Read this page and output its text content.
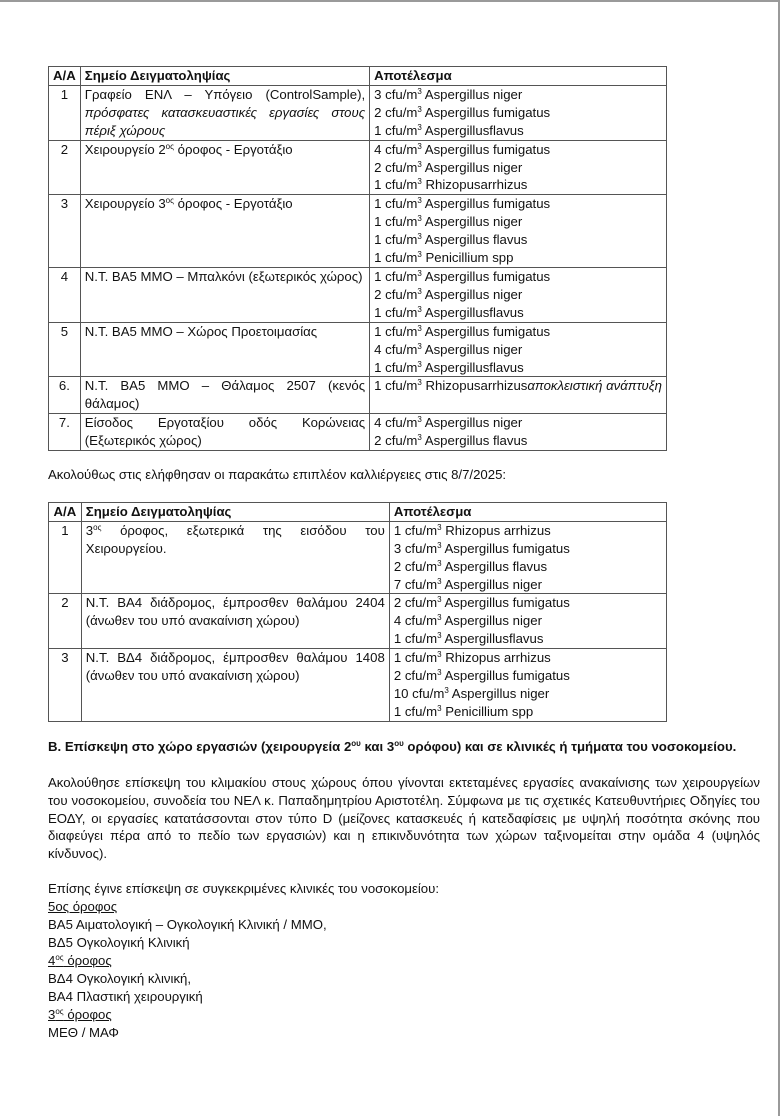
Α/Α	Σημείο Δειγματοληψίας	Αποτέλεσμα
1	Γραφείο ΕΝΛ – Υπόγειο (ControlSample), πρόσφατες κατασκευαστικές εργασίες στους πέριξ χώρους	3 cfu/$m^3$ Aspergillus niger
2 cfu/$m^3$ Aspergillus fumigatus
1 cfu/$m^3$ Aspergillusflavus

2	Χειρουργείο $2^{o\varsigma}$ όροφος - Εργοτάξιο	4 cfu/$m^3$ Aspergillus fumigatus
2 cfu/$m^3$ Aspergillus niger
1 cfu/$m^3$ Rhizopusarrhizus

3	Χειρουργείο $3^{o\varsigma}$ όροφος - Εργοτάξιο	1 cfu/$m^3$ Aspergillus fumigatus
1 cfu/$m^3$ Aspergillus niger
1 cfu/$m^3$ Aspergillus flavus
1 cfu/$m^3$ Penicillium spp

4	Ν.Τ. ΒΑ5 ΜΜΟ – Μπαλκόνι (εξωτερικός χώρος)	1 cfu/$m^3$ Aspergillus fumigatus
2 cfu/$m^3$ Aspergillus niger
1 cfu/$m^3$ Aspergillusflavus

5	Ν.Τ. ΒΑ5 ΜΜΟ – Χώρος Προετοιμασίας	1 cfu/$m^3$ Aspergillus fumigatus
4 cfu/$m^3$ Aspergillus niger
1 cfu/$m^3$ Aspergillusflavus

6.	Ν.Τ. ΒΑ5 ΜΜΟ – Θάλαμος 2507 (κενός θάλαμος)	1 cfu/$m^3$ Rhizopusarrhizusαποκλειστική ανάπτυξη

7.	Είσοδος Εργοταξίου οδός Κορώνειας (Εξωτερικός χώρος)	4 cfu/$m^3$ Aspergillus niger
2 cfu/$m^3$ Aspergillus flavus

Ακολούθως στις ελήφθησαν οι παρακάτω επιπλέον καλλιέργειες στις 8/7/2025:

Α/Α	Σημείο Δειγματοληψίας	Αποτέλεσμα
1	$3^{o\varsigma}$ όροφος, εξωτερικά της εισόδου του Χειρουργείου.	1 cfu/$m^3$ Rhizopus arrhizus
3 cfu/$m^3$ Aspergillus fumigatus
2 cfu/$m^3$ Aspergillus flavus
7 cfu/$m^3$ Aspergillus niger

2	Ν.Τ. ΒΑ4 διάδρομος, έμπροσθεν θαλάμου 2404 (άνωθεν του υπό ανακαίνιση χώρου)	2 cfu/$m^3$ Aspergillus fumigatus
4 cfu/$m^3$ Aspergillus niger
1 cfu/$m^3$ Aspergillusflavus

3	Ν.Τ. ΒΔ4 διάδρομος, έμπροσθεν θαλάμου 1408 (άνωθεν του υπό ανακαίνιση χώρου)	1 cfu/$m^3$ Rhizopus arrhizus
2 cfu/$m^3$ Aspergillus fumigatus
10 cfu/$m^3$ Aspergillus niger
1 cfu/$m^3$ Penicillium spp

Β. Επίσκεψη στο χώρο εργασιών (χειρουργεία $2^{o\upsilon}$ και $3^{o\upsilon}$ ορόφου) και σε κλινικές ή τμήματα του νοσοκομείου.

Ακολούθησε επίσκεψη του κλιμακίου στους χώρους όπου γίνονται εκτεταμένες εργασίες ανακαίνισης των χειρουργείων του νοσοκομείου, συνοδεία του ΝΕΛ κ. Παπαδημητρίου Αριστοτέλη. Σύμφωνα με τις σχετικές Κατευθυντήριες Οδηγίες του ΕΟΔΥ, οι εργασίες κατατάσσονται στον τύπο D (μείζονες κατασκευές ή κατεδαφίσεις με υψηλή ποσότητα σκόνης που διαφεύγει πέρα από το πεδίο των εργασιών) και η επικινδυνότητα των χώρων ταξινομείται στην ομάδα 4 (υψηλός κίνδυνος).

Επίσης έγινε επίσκεψη σε συγκεκριμένες κλινικές του νοσοκομείου:

5ος όροφος

ΒΑ5 Αιματολογική – Ογκολογική Κλινική / ΜΜΟ,

ΒΔ5 Ογκολογική Κλινική

$4^{o\varsigma}$ όροφος

ΒΔ4 Ογκολογική κλινική,

ΒΑ4 Πλαστική χειρουργική

$3^{o\varsigma}$ όροφος

ΜΕΘ / ΜΑΦ
